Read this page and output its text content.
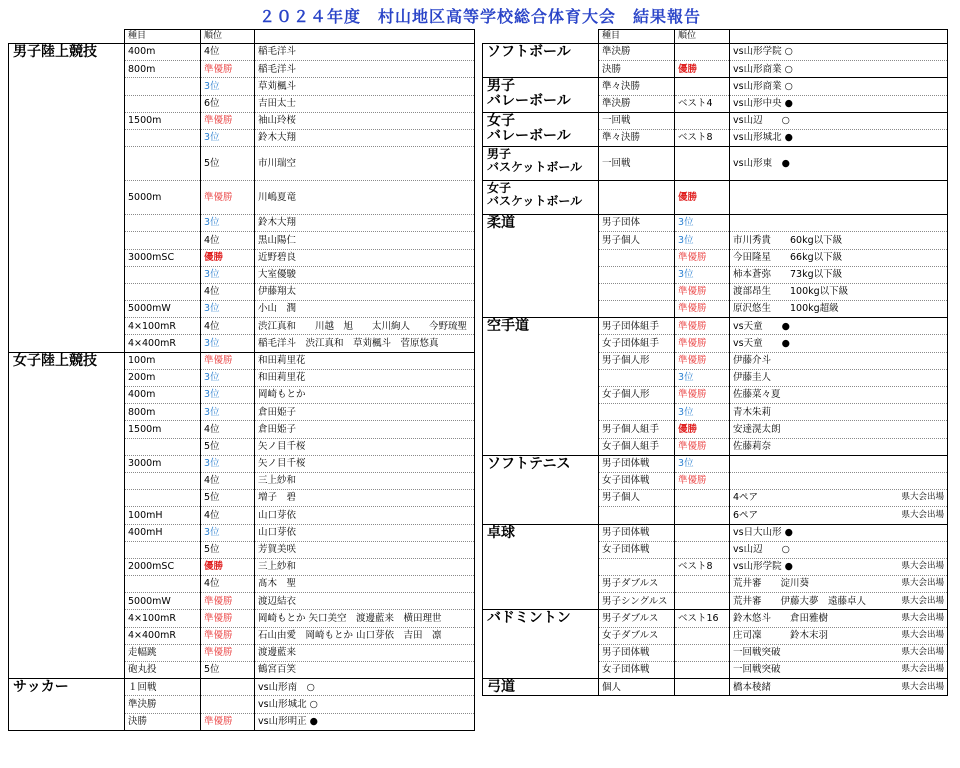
２０２４年度　村山地区高等学校総合体育大会　結果報告
	種目	順位	

男子陸上競技	400m	4位	稲毛洋斗
	800m	準優勝	稲毛洋斗
		3位	草苅楓斗
		6位	吉田太士
	1500m	準優勝	袖山玲桜
		3位	鈴木大翔
		5位	市川瑞空
	5000m	準優勝	川嶋夏竜
		3位	鈴木大翔
		4位	黒山陽仁
	3000mSC	優勝	近野碧良
		3位	大室優駿
		4位	伊藤翔太
	5000mW	3位	小山　潤
	4×100mR	4位	渋江真和　　川越　旭　　太川絢人　　今野琉聖
	4×400mR	3位	稲毛洋斗　渋江真和　草苅楓斗　菅原悠真

女子陸上競技	100m	準優勝	和田莉里花
	200m	3位	和田莉里花
	400m	3位	岡崎もとか
	800m	3位	倉田姫子
	1500m	4位	倉田姫子
		5位	矢ノ目千桜
	3000m	3位	矢ノ目千桜
		4位	三上紗和
		5位	増子　碧
	100mH	4位	山口芽依
	400mH	3位	山口芽依
		5位	芳賀美咲
	2000mSC	優勝	三上紗和
		4位	髙木　聖
	5000mW	準優勝	渡辺結衣
	4×100mR	準優勝	岡崎もとか 矢口美空　渡邊藍来　横田理世
	4×400mR	準優勝	石山由愛　岡崎もとか 山口芽依　吉田　凛
	走幅跳	準優勝	渡邊藍来
	砲丸投	5位	鶴宮百笑

サッカー	１回戦		vs山形南　○
	準決勝		vs山形城北 ○
	決勝	準優勝	vs山形明正 ●
	種目	順位	

ソフトボール	準決勝		vs山形学院 ○
	決勝	優勝	vs山形商業 ○

男子
バレーボール	準々決勝		vs山形商業 ○
	準決勝	ベスト4	vs山形中央 ●

女子
バレーボール	一回戦		vs山辺　　○
	準々決勝	ベスト8	vs山形城北 ●

男子
バスケットボール	一回戦		vs山形東　●

女子
バスケットボール		優勝	

柔道	男子団体	3位	
	男子個人	3位	市川秀貴　　60kg以下級
		準優勝	今田隆星　　66kg以下級
		3位	柿本蒼弥　　73kg以下級
		準優勝	渡部昂生　　100kg以下級
		準優勝	原沢悠生　　100kg超級

空手道	男子団体組手	準優勝	vs天童　　●
	女子団体組手	準優勝	vs天童　　●
	男子個人形	準優勝	伊藤介斗
		3位	伊藤圭人
	女子個人形	準優勝	佐藤菜々夏
		3位	青木朱莉
	男子個人組手	優勝	安達滉太朗
	女子個人組手	準優勝	佐藤莉奈

ソフトテニス	男子団体戦	3位	
	女子団体戦	準優勝	
	男子個人		4ペア 県大会出場

			6ペア 県大会出場

卓球	男子団体戦		vs日大山形 ●
	女子団体戦		vs山辺　　○
		ベスト8	vs山形学院 ● 県大会出場

	男子ダブルス		荒井審　　淀川葵 県大会出場

	男子シングルス		荒井審　　伊藤大夢　遠藤卓人 県大会出場

バドミントン	男子ダブルス	ベスト16	鈴木悠斗　　倉田雅樹 県大会出場

	女子ダブルス		庄司凜　　　鈴木末羽 県大会出場

	男子団体戦		一回戦突破 県大会出場

	女子団体戦		一回戦突破 県大会出場

弓道	個人		橋本稜緒 県大会出場
